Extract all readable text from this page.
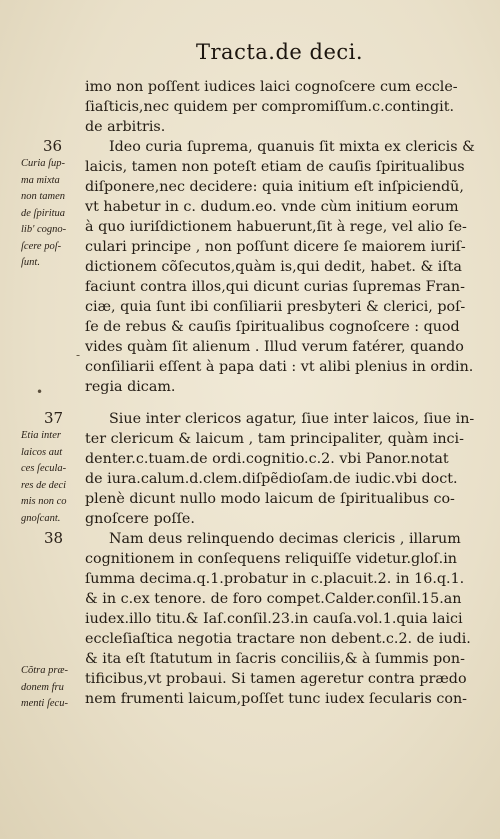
Tracta.de deci.
36
37
38
•
-
Curia ſup-
ma mixta
non tamen
de ſpiritua
lib' cogno-
ſcere poſ-
ſunt.
Etia inter
laicos aut
ces ſecula-
res de deci
mis non co
gnoſcant.
Cõtra præ-
donem fru
menti ſecu-
imo non poſſent iudices laici cognoſcere cum eccle-
ſiaſticis,nec quidem per compromiſſum.c.contingit.
de arbitris.
Ideo curia ſuprema, quanuis ſit mixta ex clericis &
laicis, tamen non poteſt etiam de cauſis ſpiritualibus
diſponere,nec decidere: quia initium eſt inſpiciendũ,
vt habetur in c. dudum.eo. vnde cùm initium eorum
à quo iuriſdictionem habuerunt,ſit à rege, vel alio ſe-
culari principe , non poſſunt dicere ſe maiorem iuriſ-
dictionem cõſecutos,quàm is,qui dedit, habet. & iſta
faciunt contra illos,qui dicunt curias ſupremas Fran-
ciæ, quia ſunt ibi conſiliarii presbyteri & clerici, poſ-
ſe de rebus & cauſis ſpiritualibus cognoſcere : quod
vides quàm ſit alienum . Illud verum fatérer, quando
conſiliarii eſſent à papa dati : vt alibi plenius in ordin.
regia dicam.
Siue inter clericos agatur, ſiue inter laicos, ſiue in-
ter clericum & laicum , tam principaliter, quàm inci-
denter.c.tuam.de ordi.cognitio.c.2. vbi Panor.notat
de iura.calum.d.clem.diſpẽdioſam.de iudic.vbi doct.
plenè dicunt nullo modo laicum de ſpiritualibus co-
gnoſcere poſſe.
Nam deus relinquendo decimas clericis , illarum
cognitionem in conſequens reliquiſſe videtur.gloſ.in
ſumma decima.q.1.probatur in c.placuit.2. in 16.q.1.
& in c.ex tenore. de foro compet.Calder.conſil.15.an
iudex.illo titu.& Iaſ.conſil.23.in cauſa.vol.1.quia laici
eccleſiaſtica negotia tractare non debent.c.2. de iudi.
& ita eſt ſtatutum in ſacris conciliis,& à ſummis pon-
tificibus,vt probaui. Si tamen ageretur contra prædo
nem frumenti laicum,poſſet tunc iudex ſecularis con-
